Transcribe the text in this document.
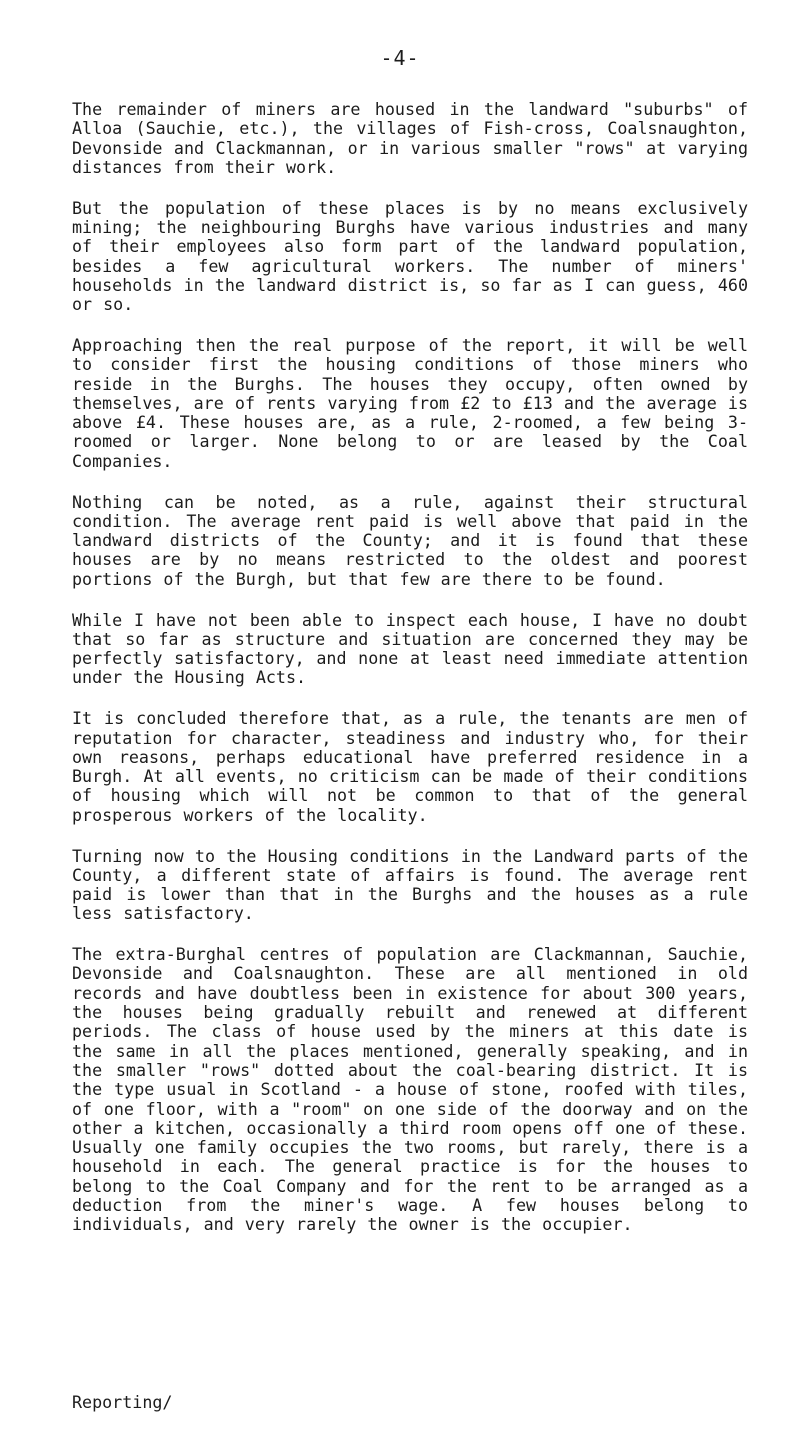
-4-

The remainder of miners are housed in the landward "suburbs" of Alloa (Sauchie, etc.), the villages of Fish-cross, Coalsnaughton, Devonside and Clackmannan, or in various smaller "rows" at varying distances from their work.

But the population of these places is by no means exclusively mining; the neighbouring Burghs have various industries and many of their employees also form part of the landward population, besides a few agricultural workers. The number of miners' households in the landward district is, so far as I can guess, 460 or so.

Approaching then the real purpose of the report, it will be well to consider first the housing conditions of those miners who reside in the Burghs. The houses they occupy, often owned by themselves, are of rents varying from £2 to £13 and the average is above £4. These houses are, as a rule, 2-roomed, a few being 3-roomed or larger. None belong to or are leased by the Coal Companies.

Nothing can be noted, as a rule, against their structural condition. The average rent paid is well above that paid in the landward districts of the County; and it is found that these houses are by no means restricted to the oldest and poorest portions of the Burgh, but that few are there to be found.

While I have not been able to inspect each house, I have no doubt that so far as structure and situation are concerned they may be perfectly satisfactory, and none at least need immediate attention under the Housing Acts.

It is concluded therefore that, as a rule, the tenants are men of reputation for character, steadiness and industry who, for their own reasons, perhaps educational have preferred residence in a Burgh. At all events, no criticism can be made of their conditions of housing which will not be common to that of the general prosperous workers of the locality.

Turning now to the Housing conditions in the Landward parts of the County, a different state of affairs is found. The average rent paid is lower than that in the Burghs and the houses as a rule less satisfactory.

The extra-Burghal centres of population are Clackmannan, Sauchie, Devonside and Coalsnaughton. These are all mentioned in old records and have doubtless been in existence for about 300 years, the houses being gradually rebuilt and renewed at different periods. The class of house used by the miners at this date is the same in all the places mentioned, generally speaking, and in the smaller "rows" dotted about the coal-bearing district. It is the type usual in Scotland - a house of stone, roofed with tiles, of one floor, with a "room" on one side of the doorway and on the other a kitchen, occasionally a third room opens off one of these. Usually one family occupies the two rooms, but rarely, there is a household in each. The general practice is for the houses to belong to the Coal Company and for the rent to be arranged as a deduction from the miner's wage. A few houses belong to individuals, and very rarely the owner is the occupier.

Reporting/
